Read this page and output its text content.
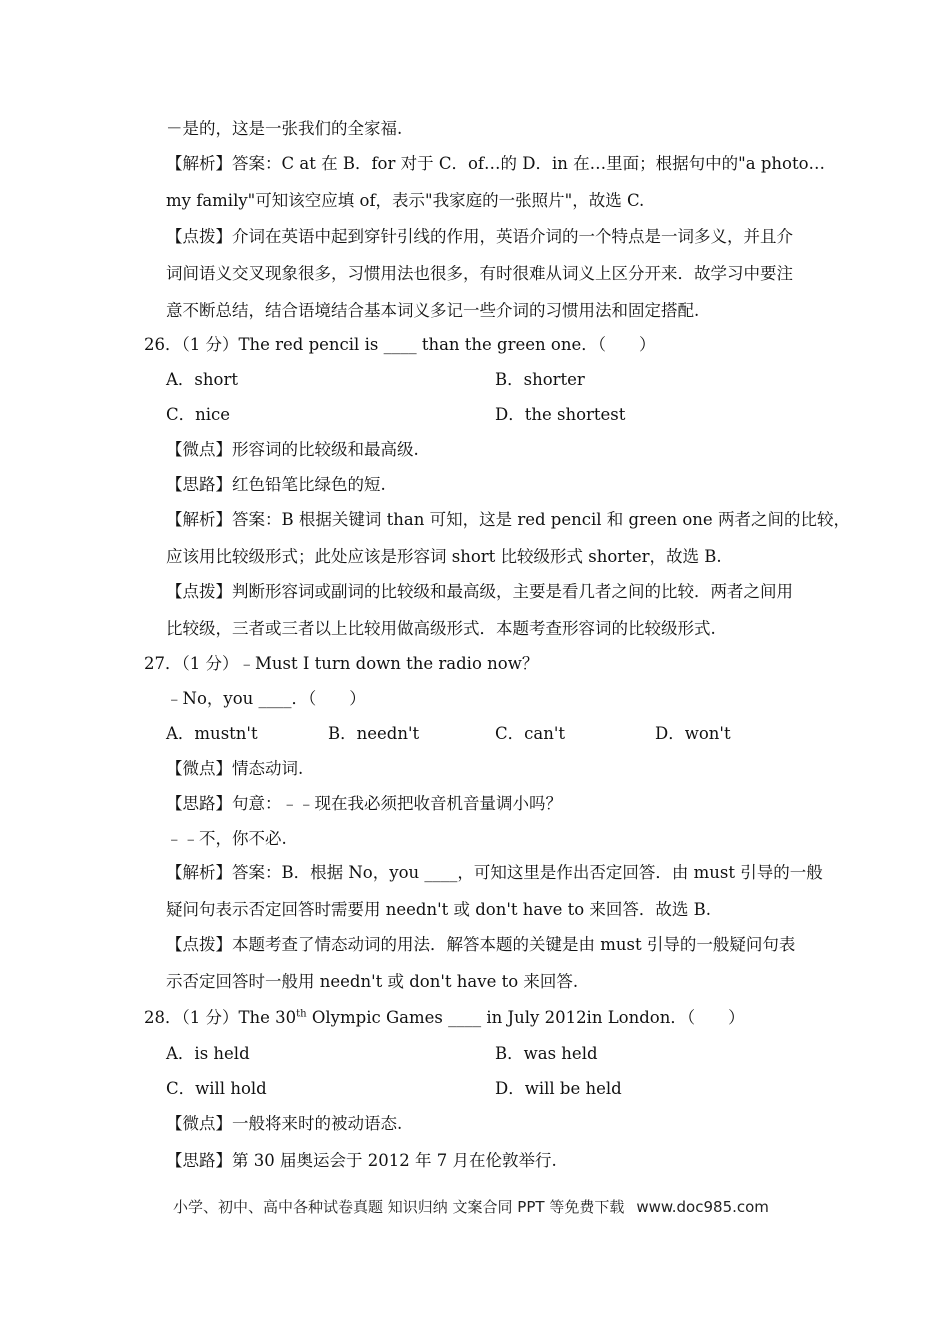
－是的，这是一张我们的全家福.
【解析】答案：C at 在 B．for 对于 C．of…的 D．in 在…里面；根据句中的"a photo…
my family"可知该空应填 of，表示"我家庭的一张照片"，故选 C.
【点拨】介词在英语中起到穿针引线的作用，英语介词的一个特点是一词多义，并且介
词间语义交叉现象很多，习惯用法也很多，有时很难从词义上区分开来．故学习中要注
意不断总结，结合语境结合基本词义多记一些介词的习惯用法和固定搭配.
26．（1 分）The red pencil is ____ than the green one．（　　）
A．short	B．shorter
C．nice	D．the shortest
【微点】形容词的比较级和最高级.
【思路】红色铅笔比绿色的短.
【解析】答案：B 根据关键词 than 可知，这是 red pencil 和 green one 两者之间的比较，
应该用比较级形式；此处应该是形容词 short 比较级形式 shorter，故选 B.
【点拨】判断形容词或副词的比较级和最高级，主要是看几者之间的比较．两者之间用
比较级，三者或三者以上比较用做高级形式．本题考查形容词的比较级形式.
27．（1 分）﹣Must I turn down the radio now？
﹣No，you ____．（　　）
A．mustn't	B．needn't	C．can't	D．won't
【微点】情态动词.
【思路】句意：﹣﹣现在我必须把收音机音量调小吗？
﹣﹣不，你不必.
【解析】答案：B．根据 No，you ____，可知这里是作出否定回答．由 must 引导的一般
疑问句表示否定回答时需要用 needn't 或 don't have to 来回答．故选 B.
【点拨】本题考查了情态动词的用法．解答本题的关键是由 must 引导的一般疑问句表
示否定回答时一般用 needn't 或 don't have to 来回答.
28．（1 分）The 30th Olympic Games ____ in July 2012in London．（　　）
A．is held	B．was held
C．will hold	D．will be held
【微点】一般将来时的被动语态.
【思路】第 30 届奥运会于 2012 年 7 月在伦敦举行.
小学、初中、高中各种试卷真题 知识归纳 文案合同 PPT 等免费下载 www.doc985.com
